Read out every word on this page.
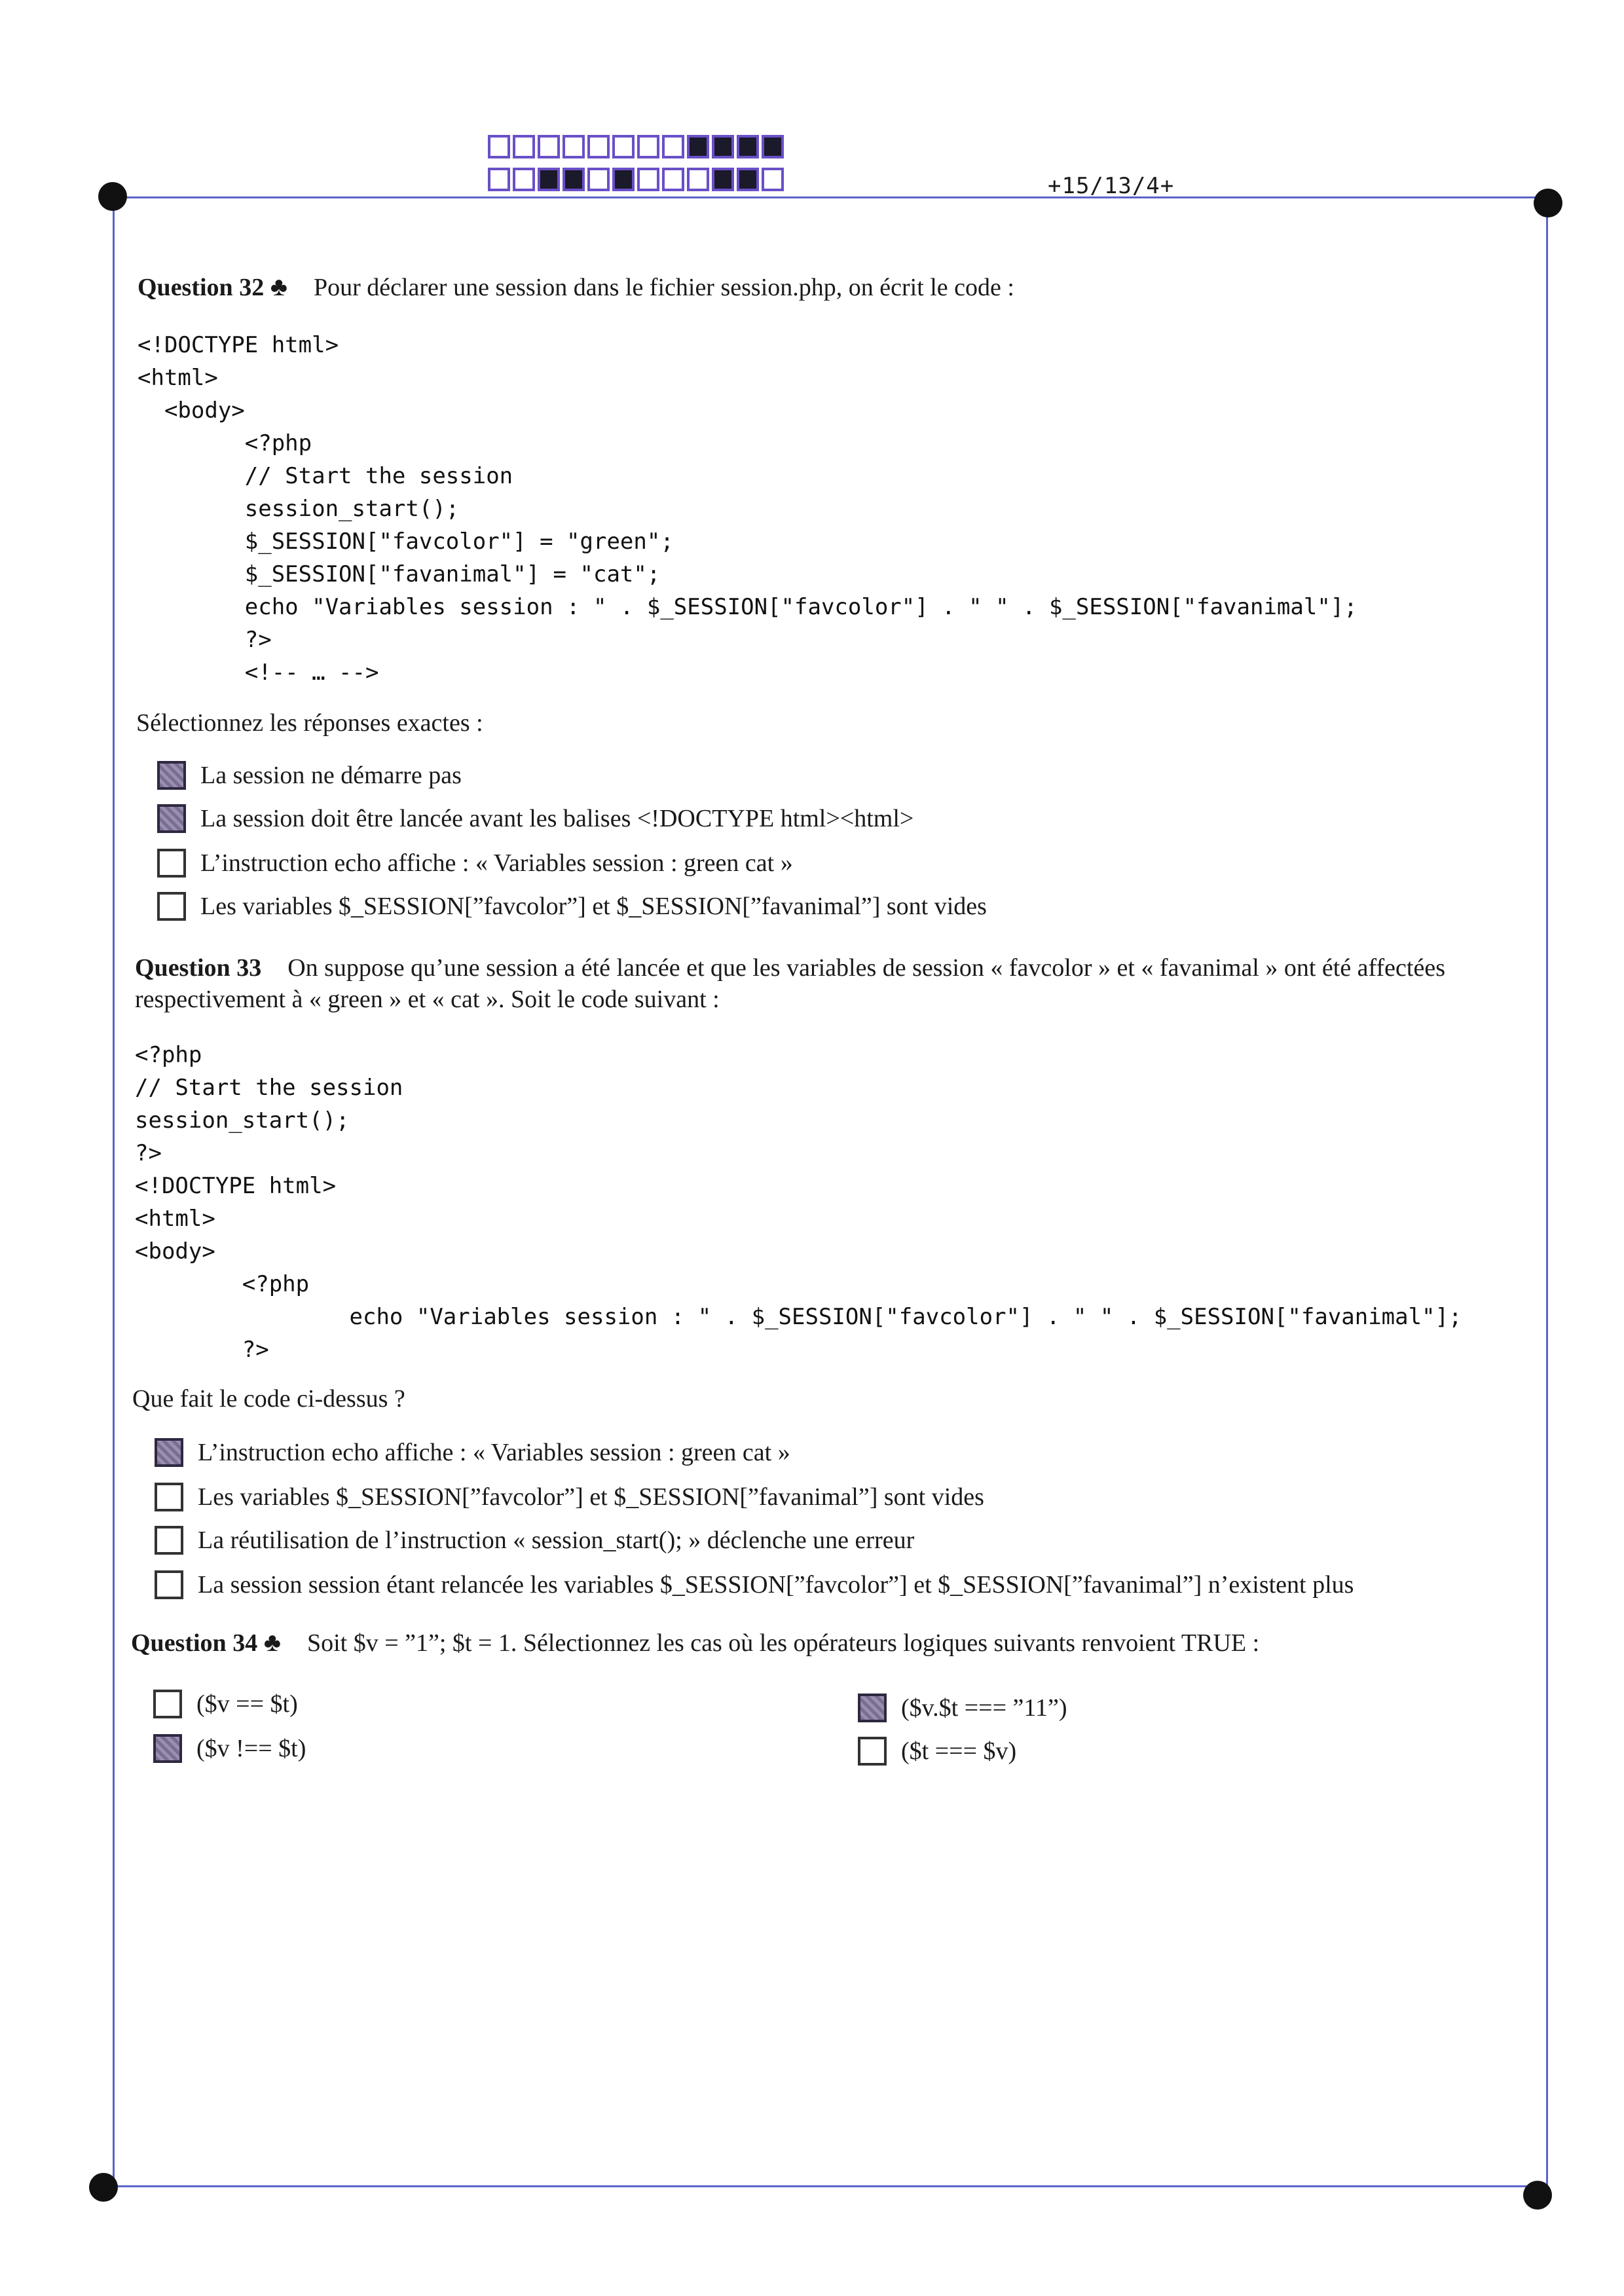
+15/13/4+
Question 32 ♣ Pour déclarer une session dans le fichier session.php, on écrit le code :
<!DOCTYPE html>
<html>
<body>
<?php
// Start the session
session_start();
$_SESSION["favcolor"] = "green";
$_SESSION["favanimal"] = "cat";
echo "Variables session : " . $_SESSION["favcolor"] . " " . $_SESSION["favanimal"];
?>
<!-- … -->
Sélectionnez les réponses exactes :
La session ne démarre pas
La session doit être lancée avant les balises <!DOCTYPE html><html>
L’instruction echo affiche : « Variables session : green cat »
Les variables $_SESSION[”favcolor”] et $_SESSION[”favanimal”] sont vides
Question 33 On suppose qu’une session a été lancée et que les variables de session « favcolor » et « favanimal » ont été affectées respectivement à « green » et « cat ». Soit le code suivant :
<?php
// Start the session
session_start();
?>
<!DOCTYPE html>
<html>
<body>
<?php
echo "Variables session : " . $_SESSION["favcolor"] . " " . $_SESSION["favanimal"];
?>
Que fait le code ci-dessus ?
L’instruction echo affiche : « Variables session : green cat »
Les variables $_SESSION[”favcolor”] et $_SESSION[”favanimal”] sont vides
La réutilisation de l’instruction « session_start(); » déclenche une erreur
La session session étant relancée les variables $_SESSION[”favcolor”] et $_SESSION[”favanimal”] n’existent plus
Question 34 ♣ Soit $v = ”1”; $t = 1. Sélectionnez les cas où les opérateurs logiques suivants renvoient TRUE :
($v == $t)
($v !== $t)
($v.$t === ”11”)
($t === $v)
